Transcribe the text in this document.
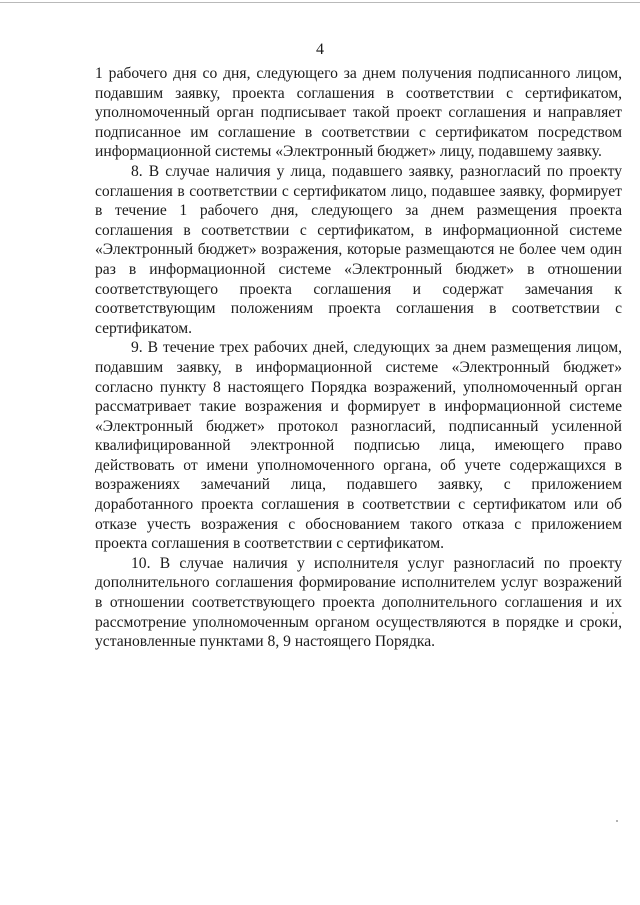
4

1 рабочего дня со дня, следующего за днем получения подписанного лицом, подавшим заявку, проекта соглашения в соответствии с сертификатом, уполномоченный орган подписывает такой проект соглашения и направляет подписанное им соглашение в соответствии с сертификатом посредством информационной системы «Электронный бюджет» лицу, подавшему заявку.

8. В случае наличия у лица, подавшего заявку, разногласий по проекту соглашения в соответствии с сертификатом лицо, подавшее заявку, формирует в течение 1 рабочего дня, следующего за днем размещения проекта соглашения в соответствии с сертификатом, в информационной системе «Электронный бюджет» возражения, которые размещаются не более чем один раз в информационной системе «Электронный бюджет» в отношении соответствующего проекта соглашения и содержат замечания к соответствующим положениям проекта соглашения в соответствии с сертификатом.

9. В течение трех рабочих дней, следующих за днем размещения лицом, подавшим заявку, в информационной системе «Электронный бюджет» согласно пункту 8 настоящего Порядка возражений, уполномоченный орган рассматривает такие возражения и формирует в информационной системе «Электронный бюджет» протокол разногласий, подписанный усиленной квалифицированной электронной подписью лица, имеющего право действовать от имени уполномоченного органа, об учете содержащихся в возражениях замечаний лица, подавшего заявку, с приложением доработанного проекта соглашения в соответствии с сертификатом или об отказе учесть возражения с обоснованием такого отказа с приложением проекта соглашения в соответствии с сертификатом.

10. В случае наличия у исполнителя услуг разногласий по проекту дополнительного соглашения формирование исполнителем услуг возражений в отношении соответствующего проекта дополнительного соглашения и их рассмотрение уполномоченным органом осуществляются в порядке и сроки, установленные пунктами 8, 9 настоящего Порядка.
